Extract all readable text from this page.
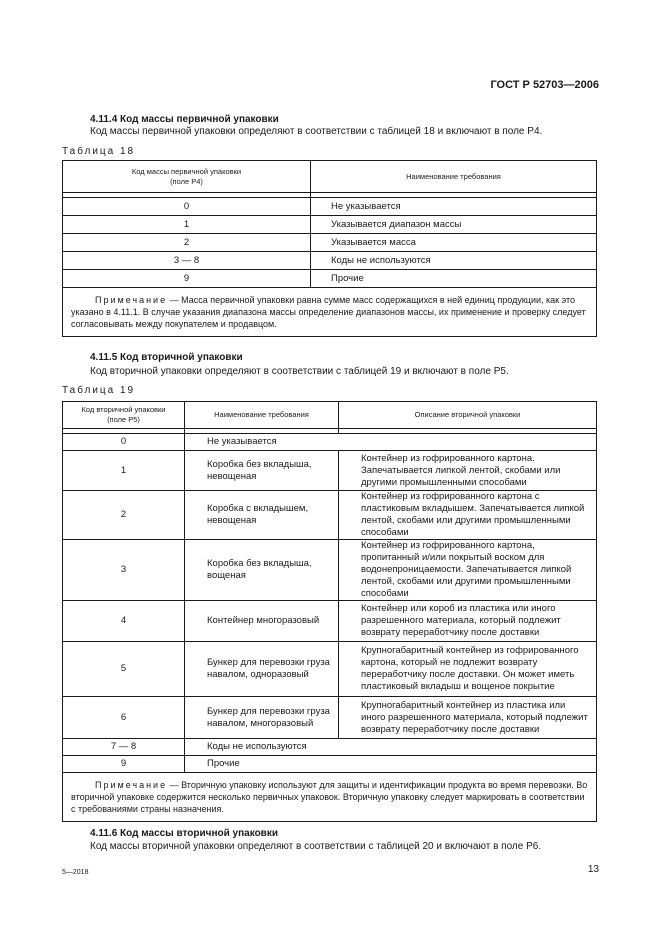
ГОСТ Р 52703—2006
4.11.4 Код массы первичной упаковки
Код массы первичной упаковки определяют в соответствии с таблицей 18 и включают в поле Р4.
Таблица 18
Код массы первичной упаковки
(поле Р4)	Наименование требования

0	Не указывается
1	Указывается диапазон массы
2	Указывается масса
3 — 8	Коды не используются
9	Прочие
Примечание — Масса первичной упаковки равна сумме масс содержащихся в ней единиц продукции, как это указано в 4.11.1. В случае указания диапазона массы определение диапазонов массы, их применение и проверку следует согласовывать между покупателем и продавцом.	
4.11.5 Код вторичной упаковки
Код вторичной упаковки определяют в соответствии с таблицей 19 и включают в поле Р5.
Таблица 19
Код вторичной упаковки
(поле Р5)	Наименование требования	Описание вторичной упаковки

0	Не указывается	
1	Коробка без вкладыша, невощеная	Контейнер из гофрированного картона. Запечатывается липкой лентой, скобами или другими промышленными способами
2	Коробка с вкладышем, невощеная	Контейнер из гофрированного картона с пластиковым вкладышем. Запечатывается липкой лентой, скобами или другими промышленными способами
3	Коробка без вкладыша, вощеная	Контейнер из гофрированного картона, пропитанный и/или покрытый воском для водонепроницаемости. Запечатывается липкой лентой, скобами или другими промышленными способами
4	Контейнер многоразовый	Контейнер или короб из пластика или иного разрешенного материала, который подлежит возврату переработчику после доставки
5	Бункер для перевозки груза навалом, одноразовый	Крупногабаритный контейнер из гофрированного картона, который не подлежит возврату переработчику после доставки. Он может иметь пластиковый вкладыш и вощеное покрытие
6	Бункер для перевозки груза навалом, многоразовый	Крупногабаритный контейнер из пластика или иного разрешенного материала, который подлежит возврату переработчику после доставки
7 — 8	Коды не используются	
9	Прочие	
Примечание — Вторичную упаковку используют для защиты и идентификации продукта во время перевозки. Во вторичной упаковке содержится несколько первичных упаковок. Вторичную упаковку следует маркировать в соответствии с требованиями страны назначения.		
4.11.6 Код массы вторичной упаковки
Код массы вторичной упаковки определяют в соответствии с таблицей 20 и включают в поле Р6.
5—2018	13
